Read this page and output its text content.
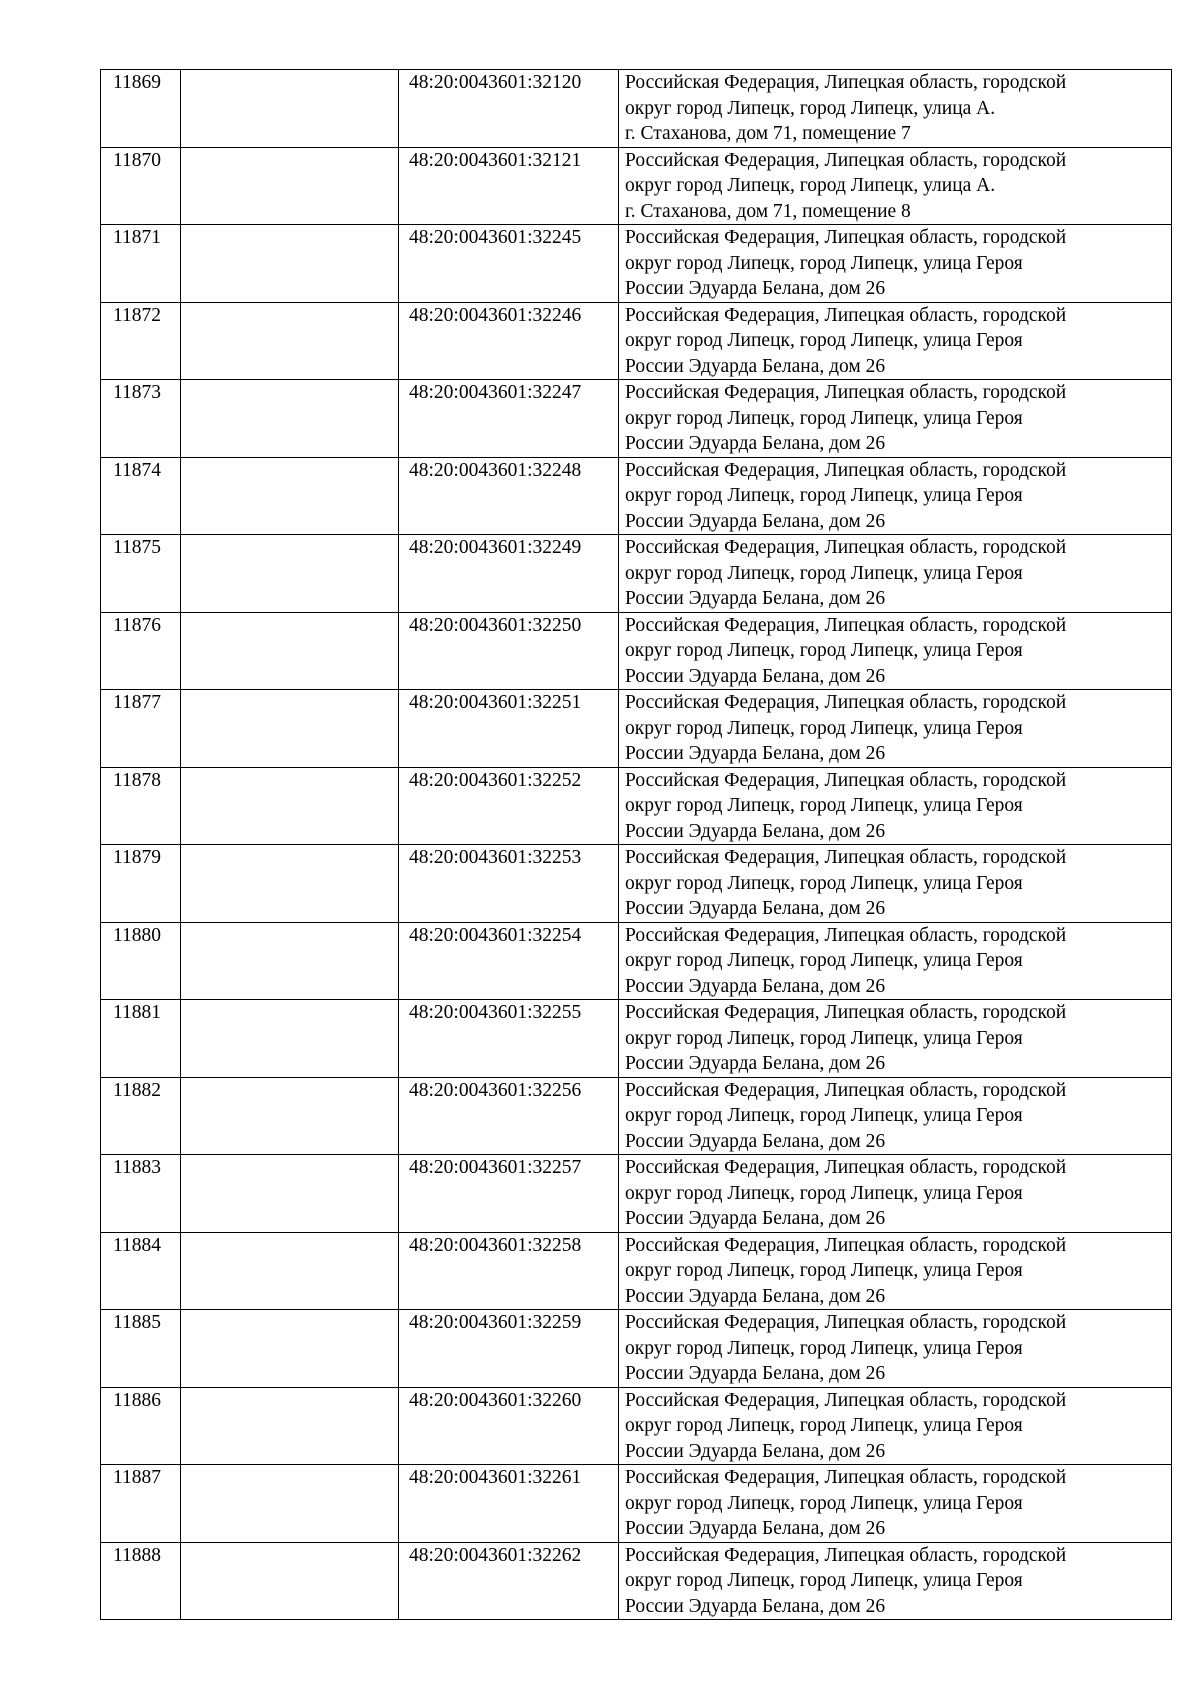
11869		48:20:0043601:32120	Российская Федерация, Липецкая область, городской
округ город Липецк, город Липецк, улица А.
г. Стаханова, дом 71, помещение 7

11870		48:20:0043601:32121	Российская Федерация, Липецкая область, городской
округ город Липецк, город Липецк, улица А.
г. Стаханова, дом 71, помещение 8

11871		48:20:0043601:32245	Российская Федерация, Липецкая область, городской
округ город Липецк, город Липецк, улица Героя
России Эдуарда Белана, дом 26

11872		48:20:0043601:32246	Российская Федерация, Липецкая область, городской
округ город Липецк, город Липецк, улица Героя
России Эдуарда Белана, дом 26

11873		48:20:0043601:32247	Российская Федерация, Липецкая область, городской
округ город Липецк, город Липецк, улица Героя
России Эдуарда Белана, дом 26

11874		48:20:0043601:32248	Российская Федерация, Липецкая область, городской
округ город Липецк, город Липецк, улица Героя
России Эдуарда Белана, дом 26

11875		48:20:0043601:32249	Российская Федерация, Липецкая область, городской
округ город Липецк, город Липецк, улица Героя
России Эдуарда Белана, дом 26

11876		48:20:0043601:32250	Российская Федерация, Липецкая область, городской
округ город Липецк, город Липецк, улица Героя
России Эдуарда Белана, дом 26

11877		48:20:0043601:32251	Российская Федерация, Липецкая область, городской
округ город Липецк, город Липецк, улица Героя
России Эдуарда Белана, дом 26

11878		48:20:0043601:32252	Российская Федерация, Липецкая область, городской
округ город Липецк, город Липецк, улица Героя
России Эдуарда Белана, дом 26

11879		48:20:0043601:32253	Российская Федерация, Липецкая область, городской
округ город Липецк, город Липецк, улица Героя
России Эдуарда Белана, дом 26

11880		48:20:0043601:32254	Российская Федерация, Липецкая область, городской
округ город Липецк, город Липецк, улица Героя
России Эдуарда Белана, дом 26

11881		48:20:0043601:32255	Российская Федерация, Липецкая область, городской
округ город Липецк, город Липецк, улица Героя
России Эдуарда Белана, дом 26

11882		48:20:0043601:32256	Российская Федерация, Липецкая область, городской
округ город Липецк, город Липецк, улица Героя
России Эдуарда Белана, дом 26

11883		48:20:0043601:32257	Российская Федерация, Липецкая область, городской
округ город Липецк, город Липецк, улица Героя
России Эдуарда Белана, дом 26

11884		48:20:0043601:32258	Российская Федерация, Липецкая область, городской
округ город Липецк, город Липецк, улица Героя
России Эдуарда Белана, дом 26

11885		48:20:0043601:32259	Российская Федерация, Липецкая область, городской
округ город Липецк, город Липецк, улица Героя
России Эдуарда Белана, дом 26

11886		48:20:0043601:32260	Российская Федерация, Липецкая область, городской
округ город Липецк, город Липецк, улица Героя
России Эдуарда Белана, дом 26

11887		48:20:0043601:32261	Российская Федерация, Липецкая область, городской
округ город Липецк, город Липецк, улица Героя
России Эдуарда Белана, дом 26

11888		48:20:0043601:32262	Российская Федерация, Липецкая область, городской
округ город Липецк, город Липецк, улица Героя
России Эдуарда Белана, дом 26
